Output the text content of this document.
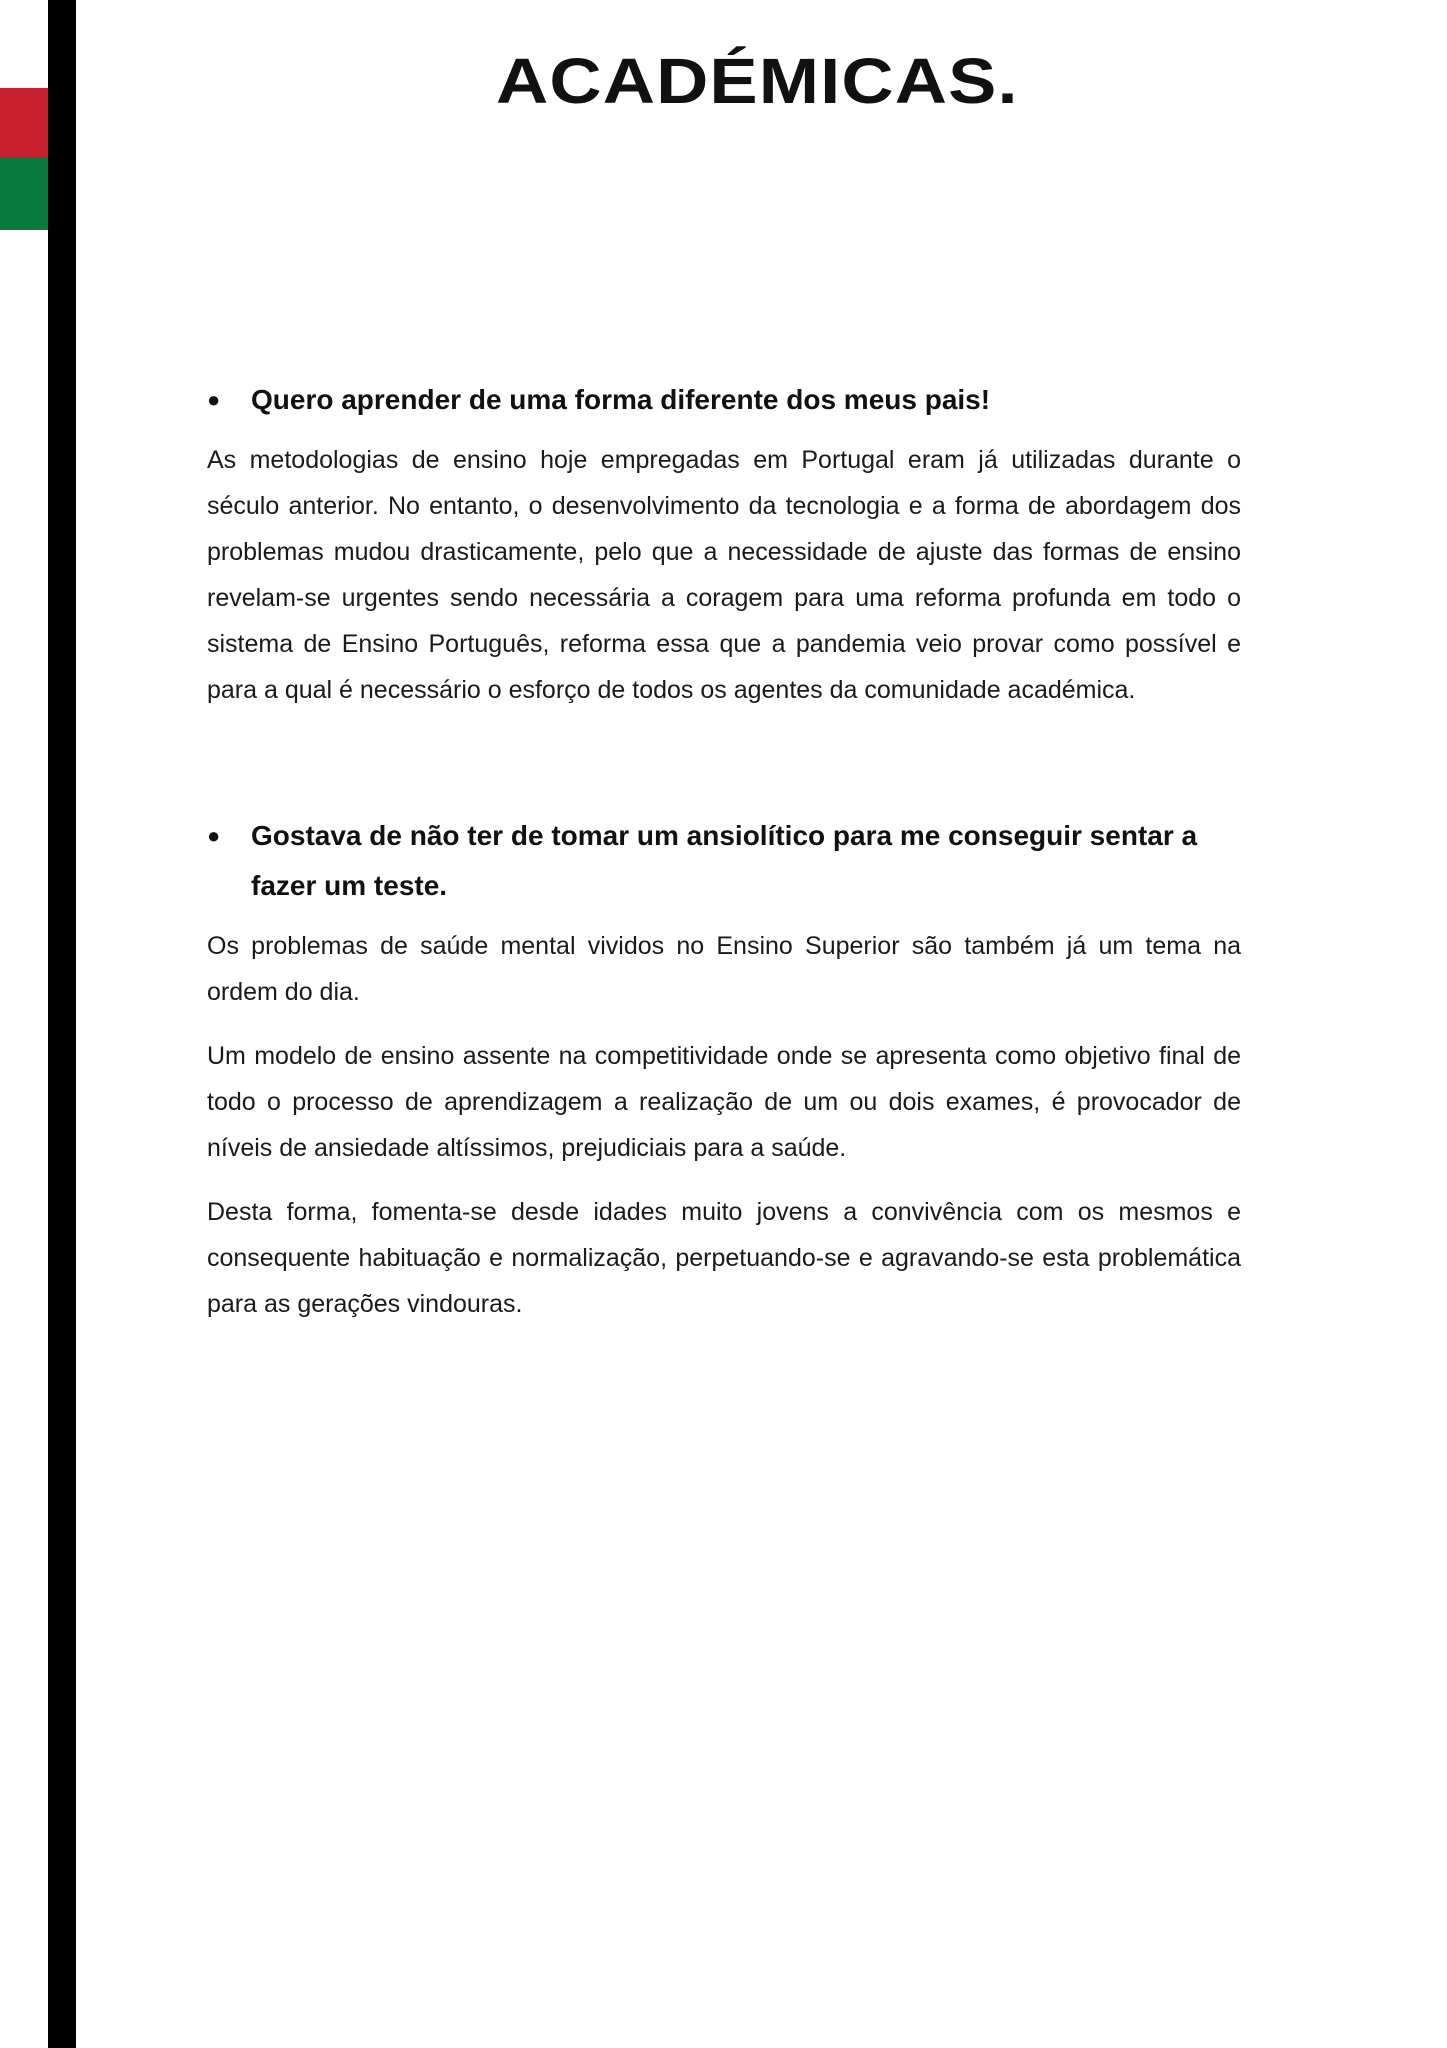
ACADÉMICAS.

● Quero aprender de uma forma diferente dos meus pais!

As metodologias de ensino hoje empregadas em Portugal eram já utilizadas durante o século anterior. No entanto, o desenvolvimento da tecnologia e a forma de abordagem dos problemas mudou drasticamente, pelo que a necessidade de ajuste das formas de ensino revelam-se urgentes sendo necessária a coragem para uma reforma profunda em todo o sistema de Ensino Português, reforma essa que a pandemia veio provar como possível e para a qual é necessário o esforço de todos os agentes da comunidade académica.

● Gostava de não ter de tomar um ansiolítico para me conseguir sentar a fazer um teste.

Os problemas de saúde mental vividos no Ensino Superior são também já um tema na ordem do dia.

Um modelo de ensino assente na competitividade onde se apresenta como objetivo final de todo o processo de aprendizagem a realização de um ou dois exames, é provocador de níveis de ansiedade altíssimos, prejudiciais para a saúde.

Desta forma, fomenta-se desde idades muito jovens a convivência com os mesmos e consequente habituação e normalização, perpetuando-se e agravando-se esta problemática para as gerações vindouras.
